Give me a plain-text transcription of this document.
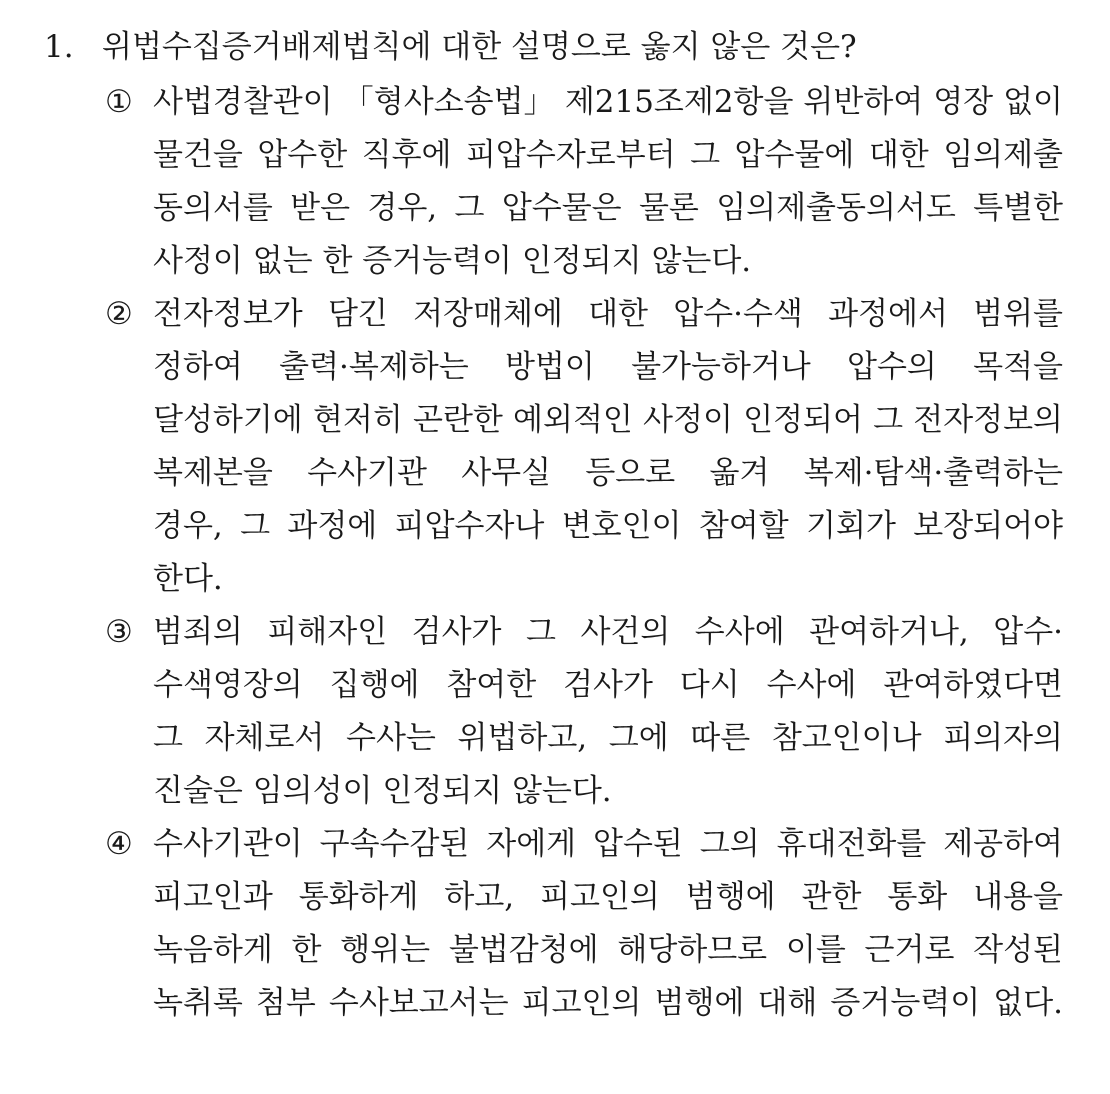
1. 위법수집증거배제법칙에 대한 설명으로 옳지 않은 것은?
① 사법경찰관이 「형사소송법」 제215조제2항을 위반하여 영장 없이
물건을 압수한 직후에 피압수자로부터 그 압수물에 대한 임의제출
동의서를 받은 경우, 그 압수물은 물론 임의제출동의서도 특별한
사정이 없는 한 증거능력이 인정되지 않는다.
② 전자정보가 담긴 저장매체에 대한 압수·수색 과정에서 범위를
정하여 출력·복제하는 방법이 불가능하거나 압수의 목적을
달성하기에 현저히 곤란한 예외적인 사정이 인정되어 그 전자정보의
복제본을 수사기관 사무실 등으로 옮겨 복제·탐색·출력하는
경우, 그 과정에 피압수자나 변호인이 참여할 기회가 보장되어야
한다.
③ 범죄의 피해자인 검사가 그 사건의 수사에 관여하거나, 압수·
수색영장의 집행에 참여한 검사가 다시 수사에 관여하였다면
그 자체로서 수사는 위법하고, 그에 따른 참고인이나 피의자의
진술은 임의성이 인정되지 않는다.
④ 수사기관이 구속수감된 자에게 압수된 그의 휴대전화를 제공하여
피고인과 통화하게 하고, 피고인의 범행에 관한 통화 내용을
녹음하게 한 행위는 불법감청에 해당하므로 이를 근거로 작성된
녹취록 첨부 수사보고서는 피고인의 범행에 대해 증거능력이 없다.
